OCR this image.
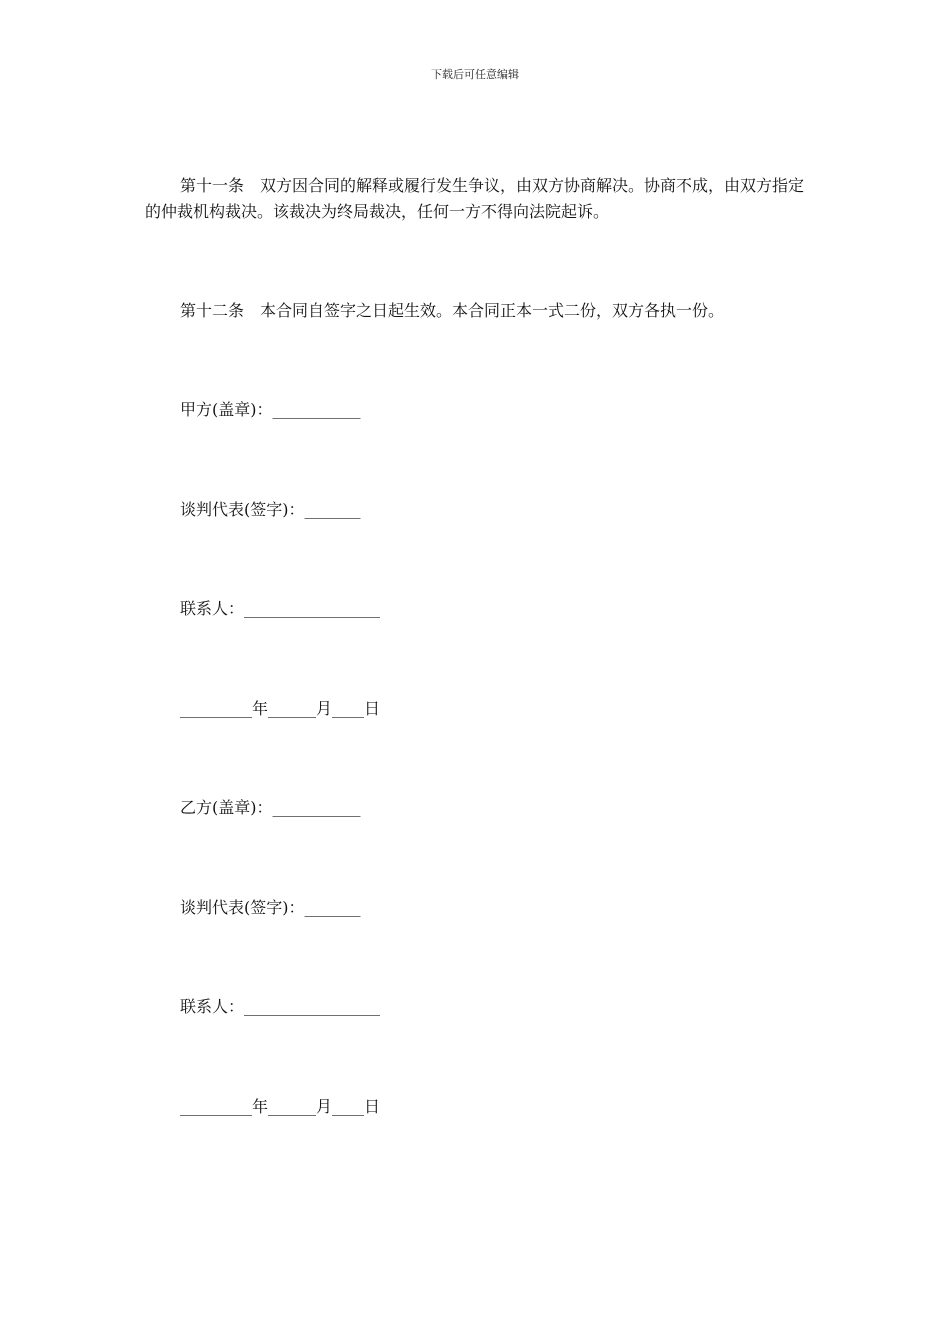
下载后可任意编辑
第十一条　双方因合同的解释或履行发生争议，由双方协商解决。协商不成，由双方指定的仲裁机构裁决。该裁决为终局裁决，任何一方不得向法院起诉。
第十二条　本合同自签字之日起生效。本合同正本一式二份，双方各执一份。
甲方(盖章)：___________
谈判代表(签字)：_______
联系人：_________________
_________年______月____日
乙方(盖章)：___________
谈判代表(签字)：_______
联系人：_________________
_________年______月____日
